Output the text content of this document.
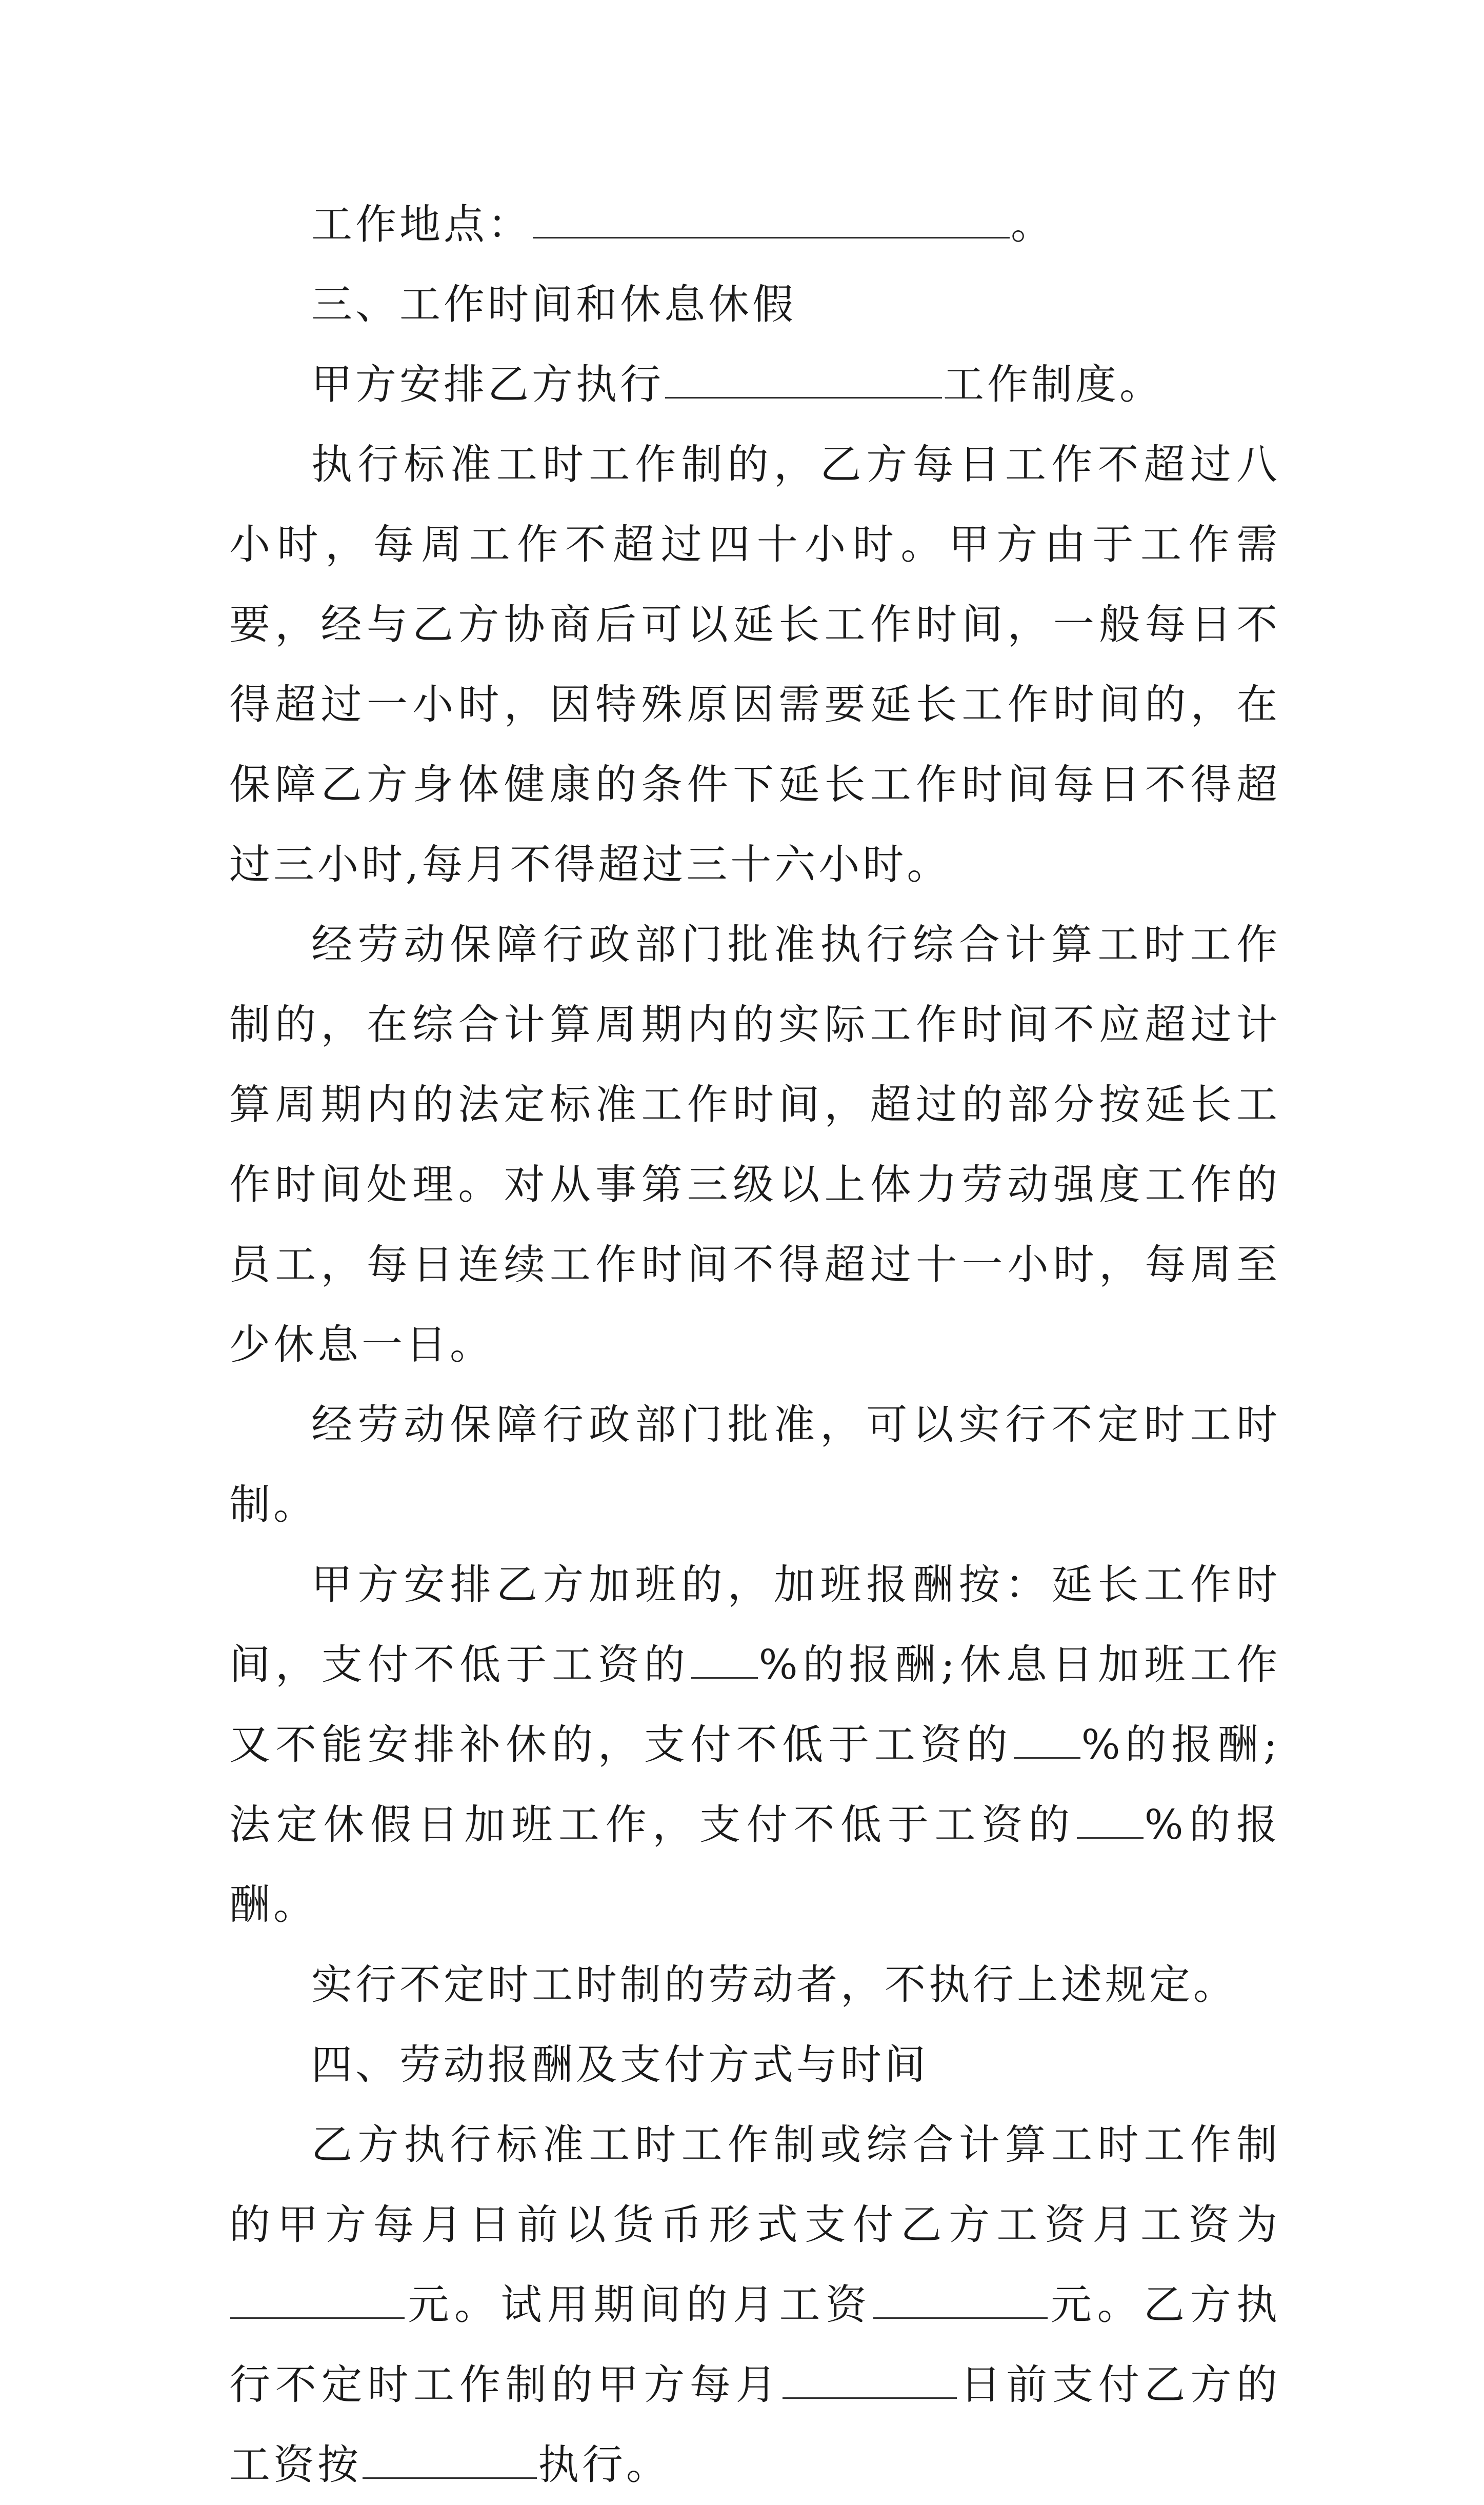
工作地点：	。

三、工作时间和休息休假

甲方安排乙方执行	工作制度。

执行标准工时工作制的，乙方每日工作不超过八小时，每周工作不超过四十小时。甲方由于工作需要，经与乙方协商后可以延长工作时间，一般每日不得超过一小时，因特殊原因需要延长工作时间的，在保障乙方身体健康的条件下延长工作时间每日不得超过三小时,每月不得超过三十六小时。

经劳动保障行政部门批准执行综合计算工时工作制的，在综合计算周期内的实际工作时间不应超过计算周期内的法定标准工作时间，超过的部分按延长工作时间处理。对从事第三级以上体力劳动强度工作的员工，每日连续工作时间不得超过十一小时，每周至少休息一日。

经劳动保障行政部门批准，可以实行不定时工时制。

甲方安排乙方加班的，加班报酬按：延长工作时间，支付不低于工资的 %的报酬;休息日加班工作又不能安排补休的，支付不低于工资的 %的报酬;法定休假日加班工作，支付不低于工资的 %的报酬。

实行不定时工时制的劳动者，不执行上述规定。

四、劳动报酬及支付方式与时间

乙方执行标准工时工作制或综合计算工时工作制的甲方每月日前以货币形式支付乙方工资月工资为元。试用期间的月工资	元。乙方执行不定时工作制的甲方每月	日前支付乙方的工资按	执行。
